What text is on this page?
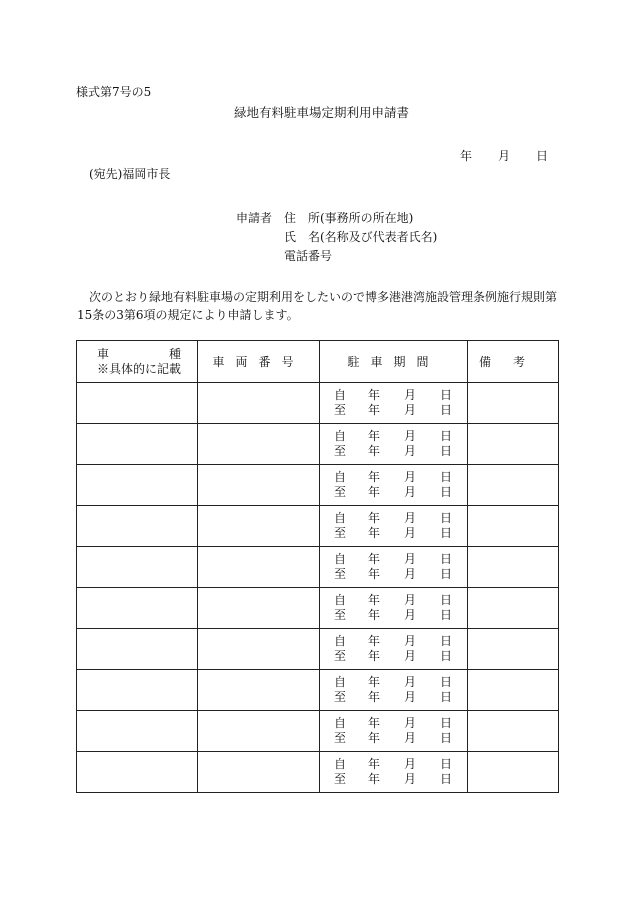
様式第7号の5
緑地有料駐車場定期利用申請書
年 月 日
(宛先)福岡市長
申請者 住　所(事務所の所在地)
氏　名(名称及び代表者氏名)
電話番号
次のとおり緑地有料駐車場の定期利用をしたいので博多港港湾施設管理条例施行規則第15条の3第6項の規定により申請します。
車　　　　　種
※具体的に記載	車両番号	駐車期間	備考

		自 年 月 日
至 年 月 日	

		自 年 月 日
至 年 月 日	

		自 年 月 日
至 年 月 日	

		自 年 月 日
至 年 月 日	

		自 年 月 日
至 年 月 日	

		自 年 月 日
至 年 月 日	

		自 年 月 日
至 年 月 日	

		自 年 月 日
至 年 月 日	

		自 年 月 日
至 年 月 日	

		自 年 月 日
至 年 月 日	
